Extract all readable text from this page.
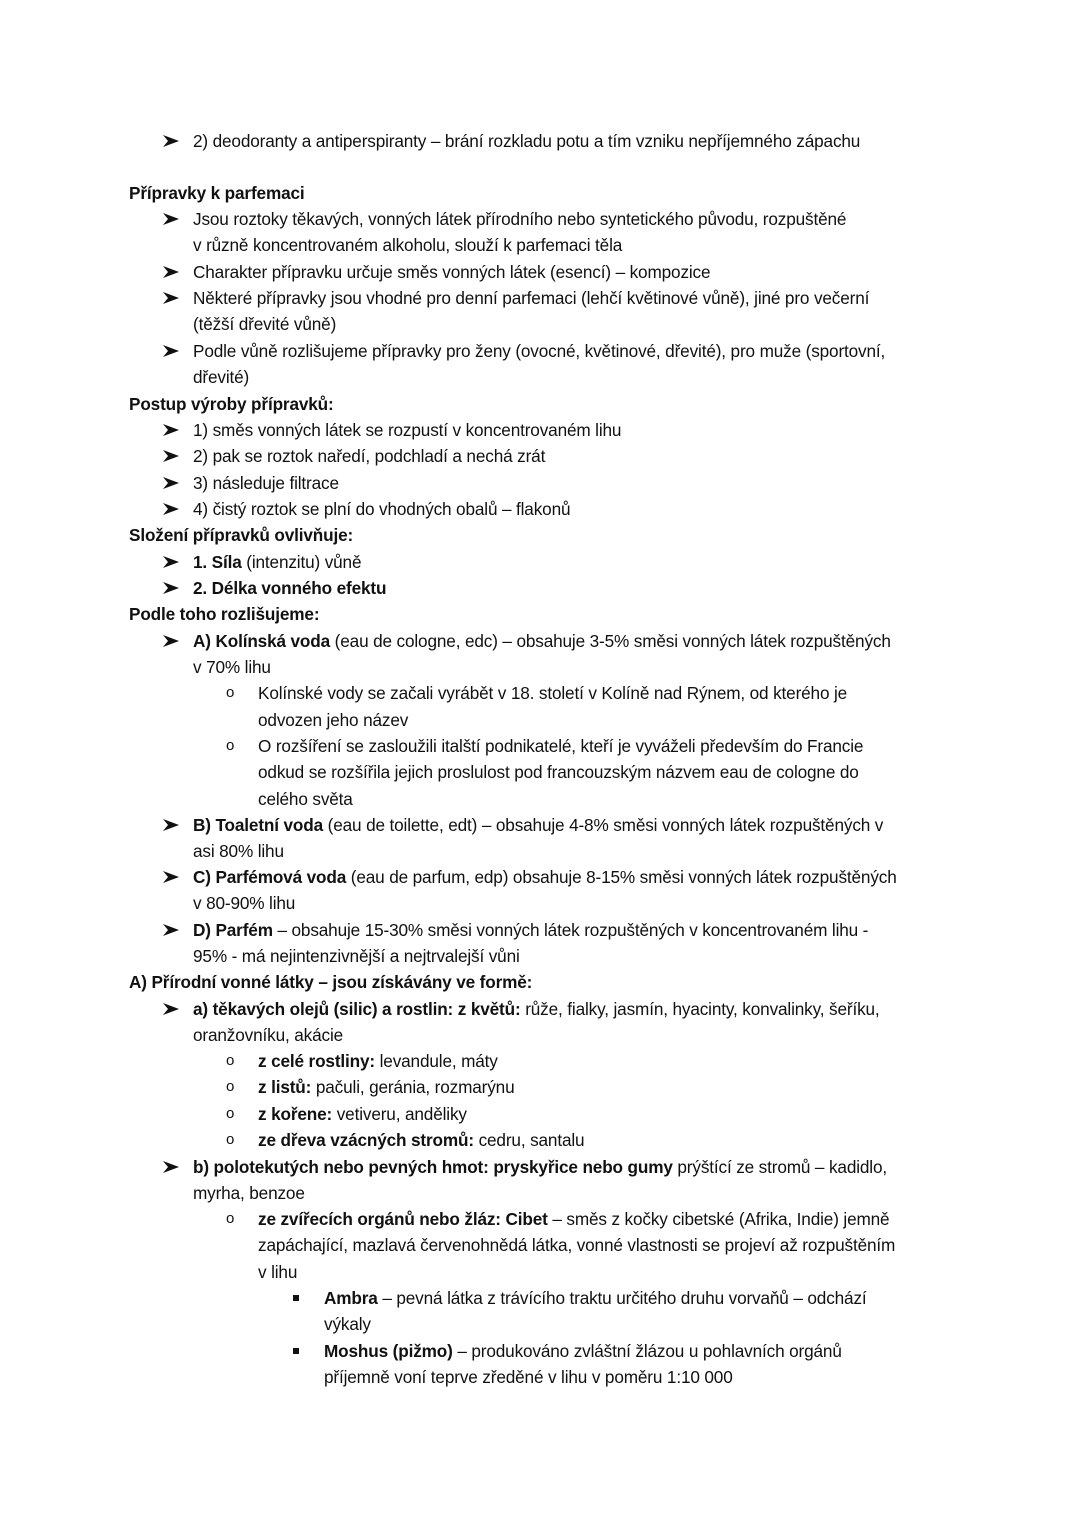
2) deodoranty a antiperspiranty – brání rozkladu potu a tím vzniku nepříjemného zápachu
Přípravky k parfemaci
Jsou roztoky těkavých, vonných látek přírodního nebo syntetického původu, rozpuštěné
v různě koncentrovaném alkoholu, slouží k parfemaci těla
Charakter přípravku určuje směs vonných látek (esencí) – kompozice
Některé přípravky jsou vhodné pro denní parfemaci (lehčí květinové vůně), jiné pro večerní
(těžší dřevité vůně)
Podle vůně rozlišujeme přípravky pro ženy (ovocné, květinové, dřevité), pro muže (sportovní,
dřevité)
Postup výroby přípravků:
1) směs vonných látek se rozpustí v koncentrovaném lihu
2) pak se roztok naředí, podchladí a nechá zrát
3) následuje filtrace
4) čistý roztok se plní do vhodných obalů – flakonů
Složení přípravků ovlivňuje:
1. Síla (intenzitu) vůně
2. Délka vonného efektu
Podle toho rozlišujeme:
A) Kolínská voda (eau de cologne, edc) – obsahuje 3-5% směsi vonných látek rozpuštěných
v 70% lihu
o Kolínské vody se začali vyrábět v 18. století v Kolíně nad Rýnem, od kterého je
odvozen jeho název
o O rozšíření se zasloužili italští podnikatelé, kteří je vyváželi především do Francie
odkud se rozšířila jejich proslulost pod francouzským názvem eau de cologne do
celého světa
B) Toaletní voda (eau de toilette, edt) – obsahuje 4-8% směsi vonných látek rozpuštěných v
asi 80% lihu
C) Parfémová voda (eau de parfum, edp) obsahuje 8-15% směsi vonných látek rozpuštěných
v 80-90% lihu
D) Parfém – obsahuje 15-30% směsi vonných látek rozpuštěných v koncentrovaném lihu -
95% - má nejintenzivnější a nejtrvalejší vůni
A) Přírodní vonné látky – jsou získávány ve formě:
a) těkavých olejů (silic) a rostlin: z květů: růže, fialky, jasmín, hyacinty, konvalinky, šeříku,
oranžovníku, akácie
o z celé rostliny: levandule, máty
o z listů: pačuli, geránia, rozmarýnu
o z kořene: vetiveru, anděliky
o ze dřeva vzácných stromů: cedru, santalu
b) polotekutých nebo pevných hmot: pryskyřice nebo gumy prýštící ze stromů – kadidlo,
myrha, benzoe
o ze zvířecích orgánů nebo žláz: Cibet – směs z kočky cibetské (Afrika, Indie) jemně
zapáchající, mazlavá červenohnědá látka, vonné vlastnosti se projeví až rozpuštěním
v lihu
Ambra – pevná látka z trávícího traktu určitého druhu vorvaňů – odchází
výkaly
Moshus (pižmo) – produkováno zvláštní žlázou u pohlavních orgánů
příjemně voní teprve zředěné v lihu v poměru 1:10 000
